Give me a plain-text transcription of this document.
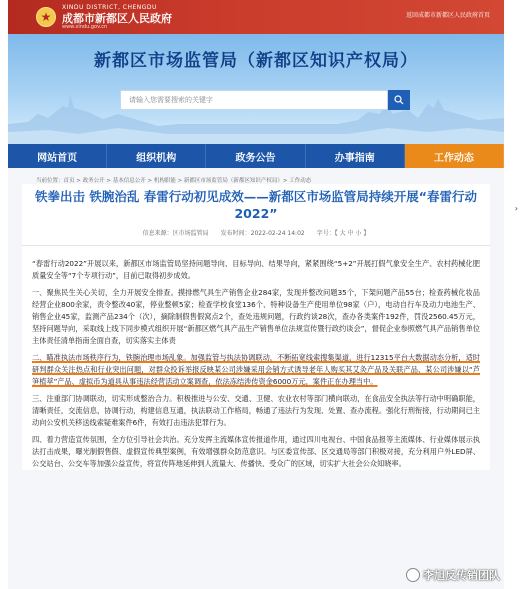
★
XINDU DISTRICT, CHENGDU
成都市新都区人民政府
www.xindu.gov.cn
返回成都市新都区人民政府首页
新都区市场监管局（新都区知识产权局）
请输入您需要搜索的关键字
网站首页	组织机构	政务公告	办事指南	工作动态
当前位置：首页 > 政务公开 > 基本信息公开 > 机构职能 > 新都区市场监管局（新都区知识产权局）> 工作动态
铁拳出击 铁腕治乱 春雷行动初见成效——新都区市场监管局持续开展“春雷行动2022”
信息来源：区市场监管局　　发布时间：2022-02-24 14:02　　字号：【 大 中 小 】

“春雷行动2022”开展以来，新都区市场监管局坚持问题导向、目标导向、结果导向，紧紧围绕“5+2”开展打假气象安全生产、农村药械化肥质量安全等“7个专项行动”，目前已取得初步成效。

一、聚焦民生关心关切，全力开展安全排查。摸排燃气具生产销售企业284家，发现并整改问题35个，下架问题产品55台；检查药械化妆品经营企业800余家，责令整改40家，停业整顿5家；检查学校食堂136个、特种设备生产使用单位98家（户），电动自行车及动力电池生产、销售企业45家，监测产品234个（次），摘除制假售假窝点2个，查处违规问题，行政约谈28次，查办各类案件192件，罚没2560.45万元，坚持问题导向，采取线上线下同步模式组织开展“新都区燃气具产品生产销售单位法规宣传暨行政约谈会”，督促企业参照燃气具产品销售单位主体责任清单指南全面自查，切实落实主体责

二、瞄准执法市场秩序行为，铁腕治理市场乱象。加强监管与执法协调联动，不断拓宽线索搜集渠道，进行12315平台大数据动态分析，适时研判群众关注热点和行业突出问题，对群众投诉举报反映某公司涉嫌采用会销方式诱导老年人购买其艾灸产品及关联产品、某公司涉嫌以“芦笋植萃”产品、虚拟币为道具从事违法经营活动立案调查，依法冻结涉传资金6000万元，案件正在办理当中。

三、注重部门协调联动，切实形成整治合力。积极推进与公安、交通、卫健、农业农村等部门横向联动，在食品安全执法等行动中明确职能，清晰责任，交流信息，协调行动，构建信息互通，执法联动工作格局，畅通了违法行为发现、处置、查办流程。强化行刑衔接，行动期间已主动向公安机关移送线索疑难案件6件，有效打击违法犯罪行为。

四、着力营造宣传氛围，全方位引导社会共治。充分发挥主流媒体宣传报道作用，通过四川电视台、中国食品报等主流媒体、行业媒体展示执法打击成果，曝光制假售假、虚假宣传典型案例，有效增强群众防范意识。与区委宣传部、区交通局等部门积极对接，充分利用户外LED屏、公交站台、公交车等加强公益宣传，将宣传阵地延伸到人流量大、传播快、受众广的区域，切实扩大社会公众知晓率。

李旭反传销团队
›
